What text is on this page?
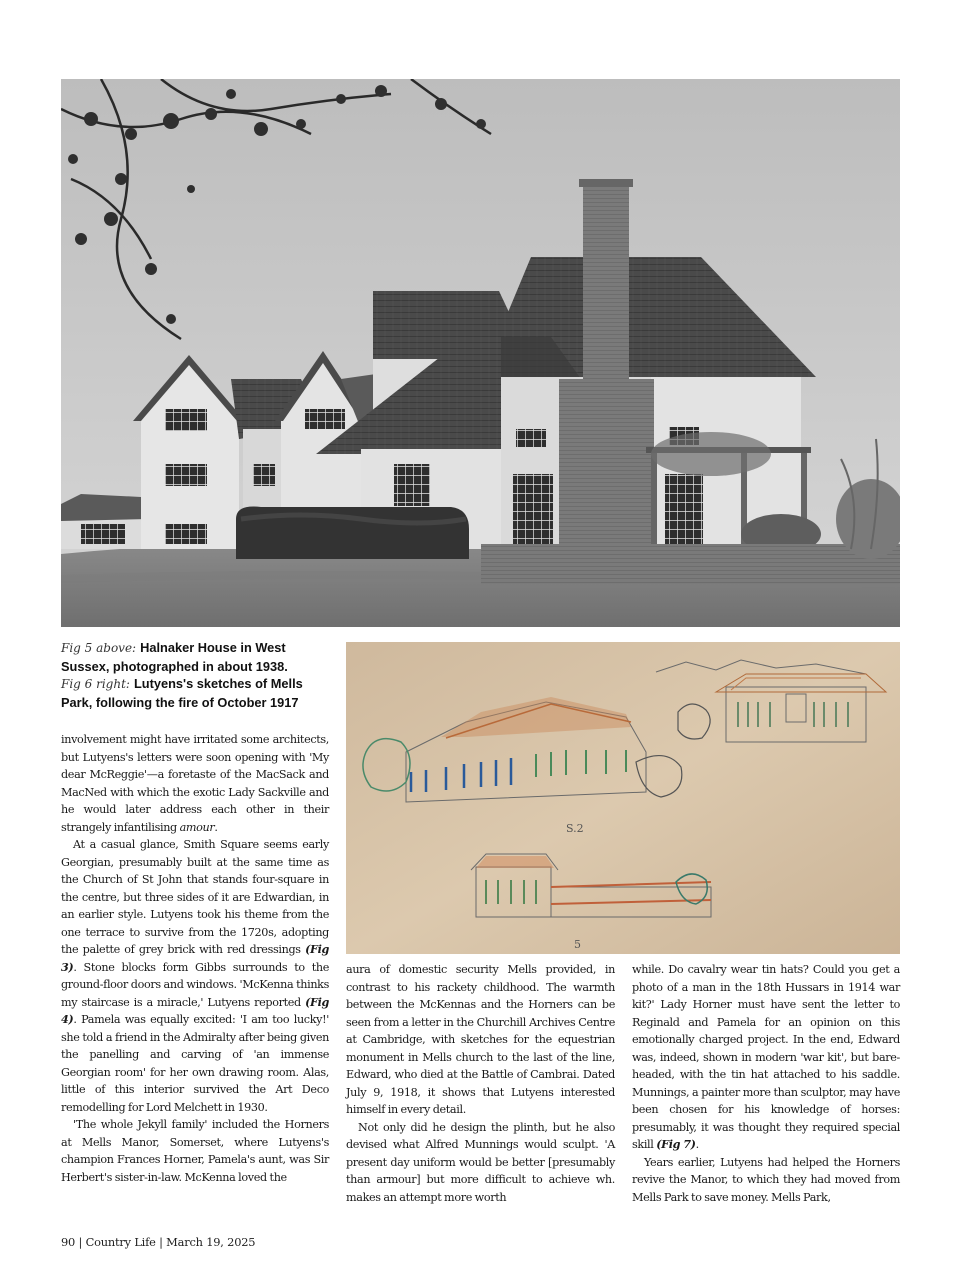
S.2
5
Fig 5 above: Halnaker House in West Sussex, photographed in about 1938.
Fig 6 right: Lutyens's sketches of Mells Park, following the fire of October 1917

involvement might have irritated some architects, but Lutyens's letters were soon opening with 'My dear McReggie'—a foretaste of the MacSack and MacNed with which the exotic Lady Sackville and he would later address each other in their strangely infantilising amour.

At a casual glance, Smith Square seems early Georgian, presumably built at the same time as the Church of St John that stands four-square in the centre, but three sides of it are Edwardian, in an earlier style. Lutyens took his theme from the one terrace to survive from the 1720s, adopting the palette of grey brick with red dressings (Fig 3). Stone blocks form Gibbs surrounds to the ground-floor doors and windows. 'McKenna thinks my staircase is a miracle,' Lutyens reported (Fig 4). Pamela was equally excited: 'I am too lucky!' she told a friend in the Admiralty after being given the panelling and carving of 'an immense Georgian room' for her own drawing room. Alas, little of this interior survived the Art Deco remodelling for Lord Melchett in 1930.

'The whole Jekyll family' included the Horners at Mells Manor, Somerset, where Lutyens's champion Frances Horner, Pamela's aunt, was Sir Herbert's sister-in-law. McKenna loved the

aura of domestic security Mells provided, in contrast to his rackety childhood. The warmth between the McKennas and the Horners can be seen from a letter in the Churchill Archives Centre at Cambridge, with sketches for the equestrian monument in Mells church to the last of the line, Edward, who died at the Battle of Cambrai. Dated July 9, 1918, it shows that Lutyens interested himself in every detail.

Not only did he design the plinth, but he also devised what Alfred Munnings would sculpt. 'A present day uniform would be better [presumably than armour] but more difficult to achieve wh. makes an attempt more worth

while. Do cavalry wear tin hats? Could you get a photo of a man in the 18th Hussars in 1914 war kit?' Lady Horner must have sent the letter to Reginald and Pamela for an opinion on this emotionally charged project. In the end, Edward was, indeed, shown in modern 'war kit', but bare-headed, with the tin hat attached to his saddle. Munnings, a painter more than sculptor, may have been chosen for his knowledge of horses: presumably, it was thought they required special skill (Fig 7).

Years earlier, Lutyens had helped the Horners revive the Manor, to which they had moved from Mells Park to save money. Mells Park,

90 | Country Life | March 19, 2025
